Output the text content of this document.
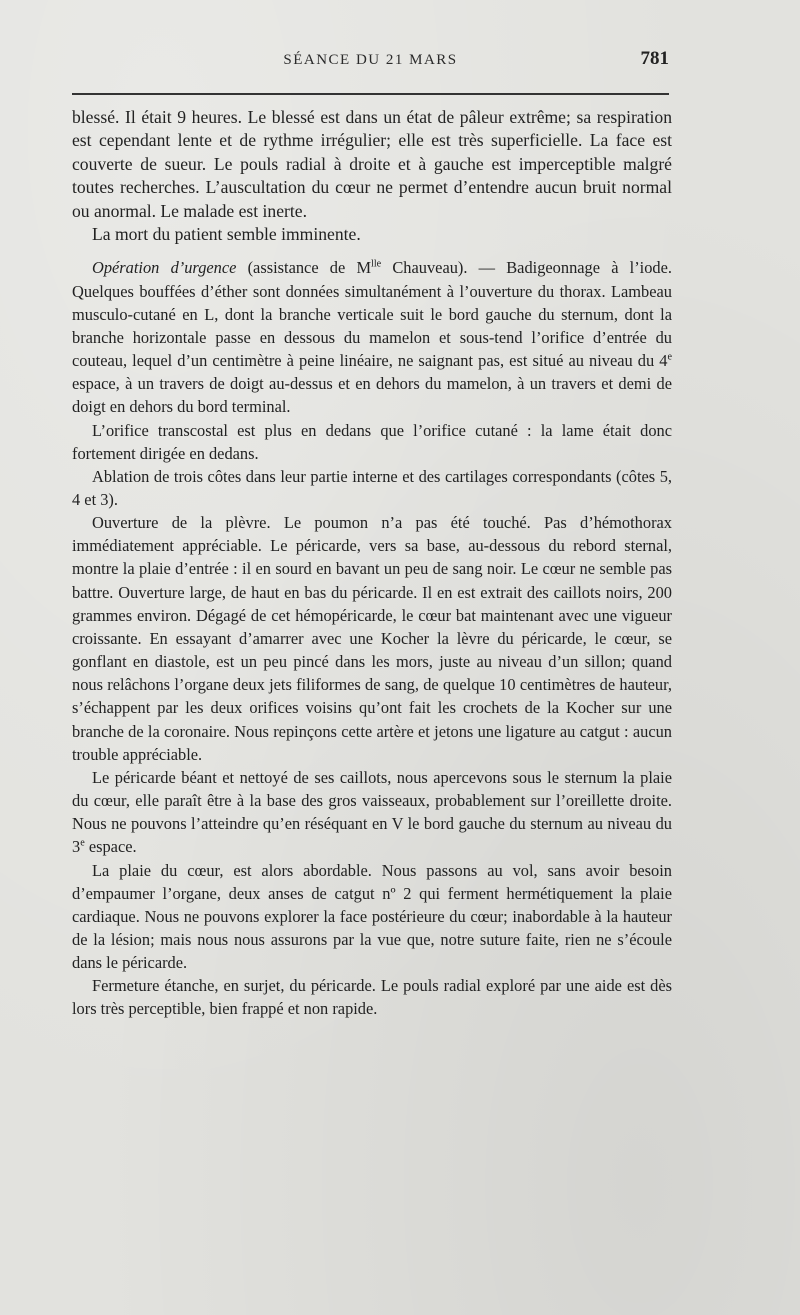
SÉANCE DU 21 MARS	781

blessé. Il était 9 heures. Le blessé est dans un état de pâleur extrême; sa respiration est cependant lente et de rythme irrégulier; elle est très superficielle. La face est couverte de sueur. Le pouls radial à droite et à gauche est imperceptible malgré toutes recherches. L’auscultation du cœur ne permet d’entendre aucun bruit normal ou anormal. Le malade est inerte.

La mort du patient semble imminente.

Opération d’urgence (assistance de $M^{lle}$ Chauveau). — Badigeonnage à l’iode. Quelques bouffées d’éther sont données simultanément à l’ouverture du thorax. Lambeau musculo-cutané en L, dont la branche verticale suit le bord gauche du sternum, dont la branche horizontale passe en dessous du mamelon et sous-tend l’orifice d’entrée du couteau, lequel d’un centimètre à peine linéaire, ne saignant pas, est situé au niveau du 4e espace, à un travers de doigt au-dessus et en dehors du mamelon, à un travers et demi de doigt en dehors du bord terminal.

L’orifice transcostal est plus en dedans que l’orifice cutané : la lame était donc fortement dirigée en dedans.

Ablation de trois côtes dans leur partie interne et des cartilages correspondants (côtes 5, 4 et 3).

Ouverture de la plèvre. Le poumon n’a pas été touché. Pas d’hémothorax immédiatement appréciable. Le péricarde, vers sa base, au-dessous du rebord sternal, montre la plaie d’entrée : il en sourd en bavant un peu de sang noir. Le cœur ne semble pas battre. Ouverture large, de haut en bas du péricarde. Il en est extrait des caillots noirs, 200 grammes environ. Dégagé de cet hémopéricarde, le cœur bat maintenant avec une vigueur croissante. En essayant d’amarrer avec une Kocher la lèvre du péricarde, le cœur, se gonflant en diastole, est un peu pincé dans les mors, juste au niveau d’un sillon; quand nous relâchons l’organe deux jets filiformes de sang, de quelque 10 centimètres de hauteur, s’échappent par les deux orifices voisins qu’ont fait les crochets de la Kocher sur une branche de la coronaire. Nous repinçons cette artère et jetons une ligature au catgut : aucun trouble appréciable.

Le péricarde béant et nettoyé de ses caillots, nous apercevons sous le sternum la plaie du cœur, elle paraît être à la base des gros vaisseaux, probablement sur l’oreillette droite. Nous ne pouvons l’atteindre qu’en réséquant en V le bord gauche du sternum au niveau du 3e espace.

La plaie du cœur, est alors abordable. Nous passons au vol, sans avoir besoin d’empaumer l’organe, deux anses de catgut nº 2 qui ferment hermétiquement la plaie cardiaque. Nous ne pouvons explorer la face postérieure du cœur; inabordable à la hauteur de la lésion; mais nous nous assurons par la vue que, notre suture faite, rien ne s’écoule dans le péricarde.

Fermeture étanche, en surjet, du péricarde. Le pouls radial exploré par une aide est dès lors très perceptible, bien frappé et non rapide.
